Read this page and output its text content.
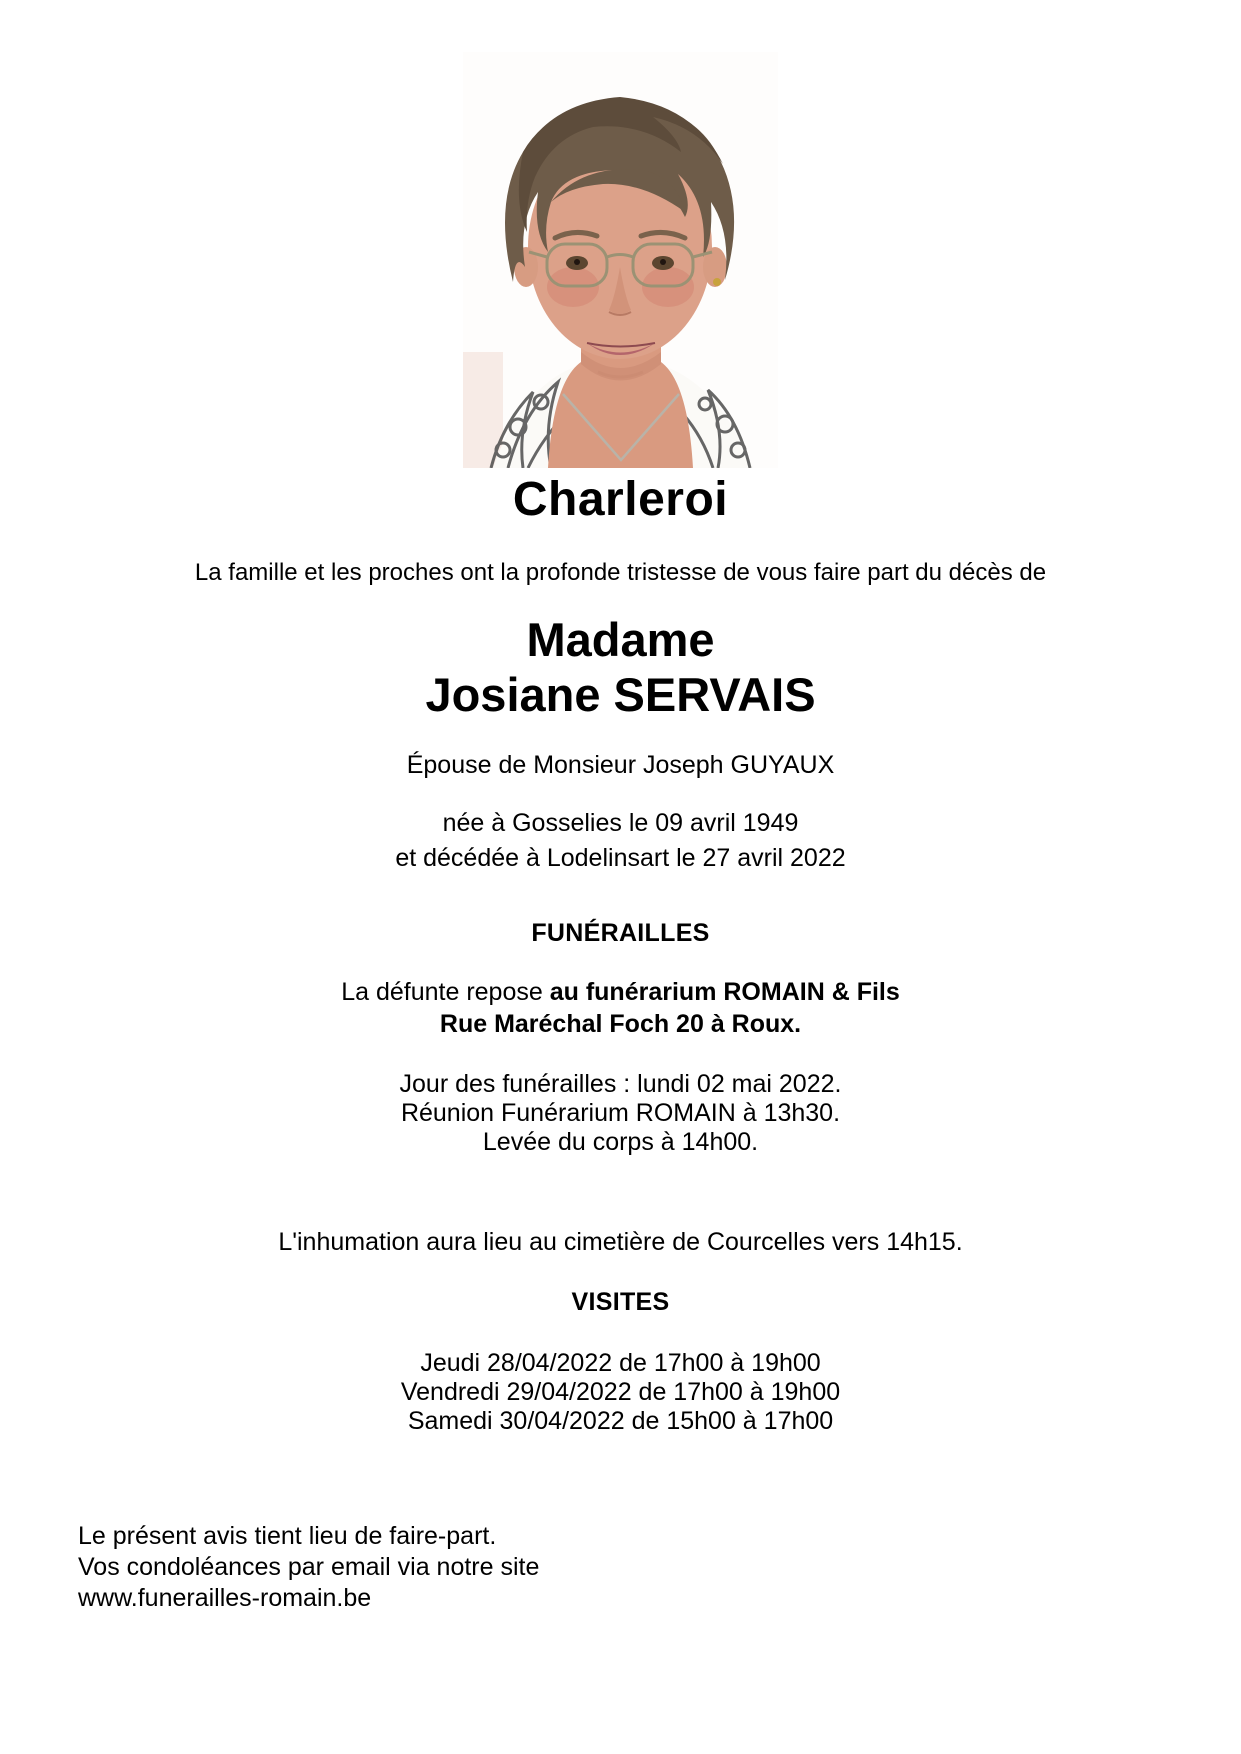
Charleroi
La famille et les proches ont la profonde tristesse de vous faire part du décès de
Madame
Josiane SERVAIS
Épouse de Monsieur Joseph GUYAUX
née à Gosselies le 09 avril 1949
et décédée à Lodelinsart le 27 avril 2022
FUNÉRAILLES
La défunte repose au funérarium ROMAIN & Fils
Rue Maréchal Foch 20 à Roux.
Jour des funérailles : lundi 02 mai 2022.
Réunion Funérarium ROMAIN à 13h30.
Levée du corps à 14h00.
L'inhumation aura lieu au cimetière de Courcelles vers 14h15.
VISITES
Jeudi 28/04/2022 de 17h00 à 19h00
Vendredi 29/04/2022 de 17h00 à 19h00
Samedi 30/04/2022 de 15h00 à 17h00
Le présent avis tient lieu de faire-part.
Vos condoléances par email via notre site
www.funerailles-romain.be
